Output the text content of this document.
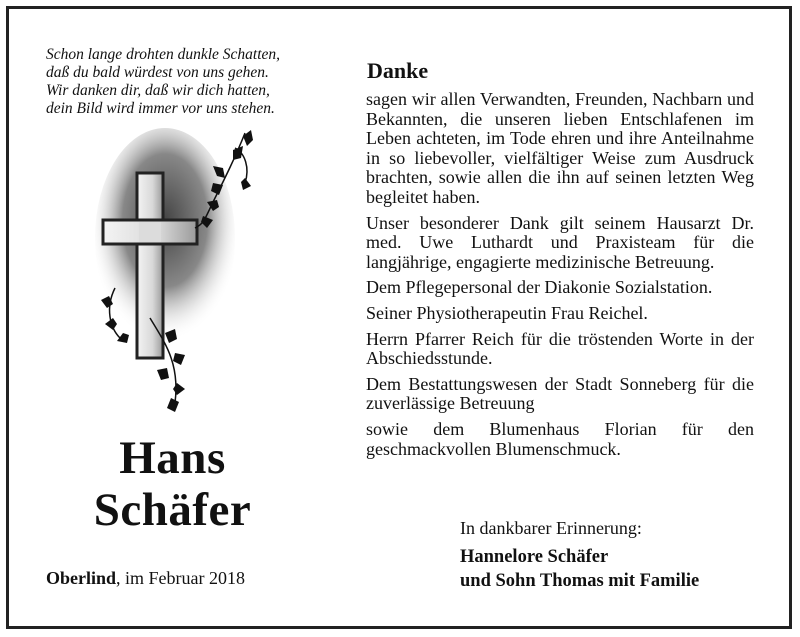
Schon lange drohten dunkle Schatten,
daß du bald würdest von uns gehen.
Wir danken dir, daß wir dich hatten,
dein Bild wird immer vor uns stehen.
Hans
Schäfer
Oberlind, im Februar 2018
Danke
sagen wir allen Verwandten, Freunden, Nachbarn und Bekannten, die unseren lieben Entschlafenen im Leben achteten, im Tode ehren und ihre Anteilnahme in so liebevoller, vielfältiger Weise zum Ausdruck brachten, sowie allen die ihn auf seinen letzten Weg begleitet haben.
Unser besonderer Dank gilt seinem Hausarzt Dr. med. Uwe Luthardt und Praxisteam für die langjährige, engagierte medizinische Betreuung.
Dem Pflegepersonal der Diakonie Sozialstation.
Seiner Physiotherapeutin Frau Reichel.
Herrn Pfarrer Reich für die tröstenden Worte in der Abschiedsstunde.
Dem Bestattungswesen der Stadt Sonneberg für die zuverlässige Betreuung
sowie dem Blumenhaus Florian für den geschmackvollen Blumenschmuck.
In dankbarer Erinnerung:
Hannelore Schäfer
und Sohn Thomas mit Familie
